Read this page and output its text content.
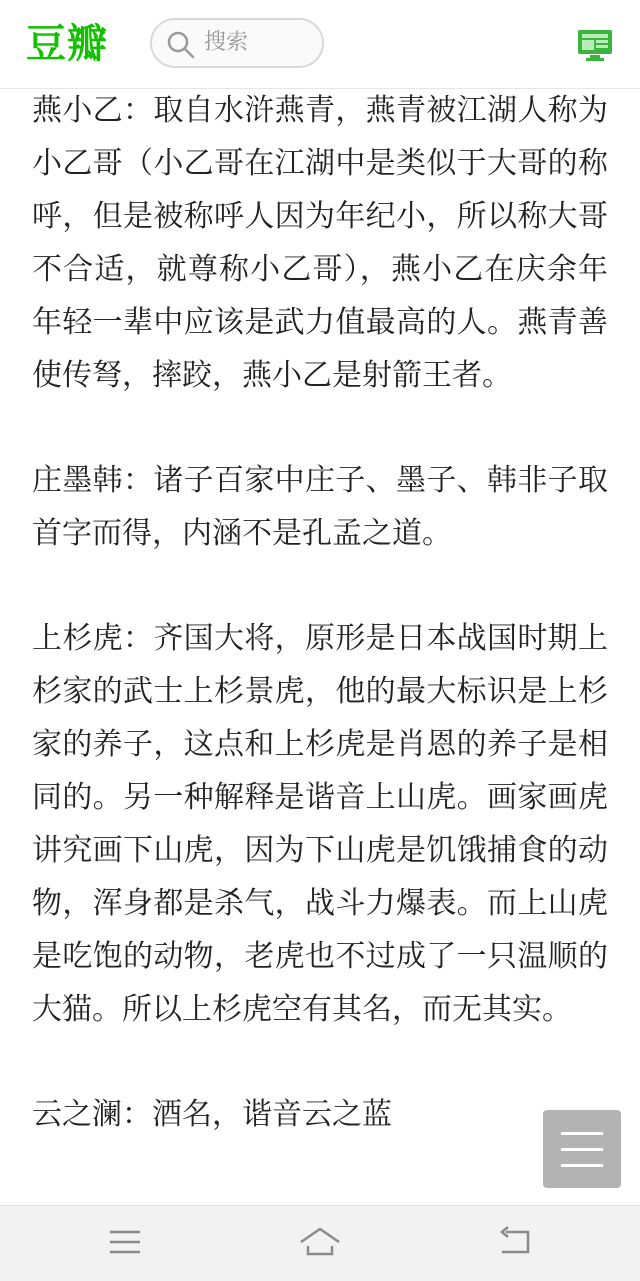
豆瓣	搜索

燕小乙：取自水浒燕青，燕青被江湖人称为小乙哥（小乙哥在江湖中是类似于大哥的称呼，但是被称呼人因为年纪小，所以称大哥不合适，就尊称小乙哥），燕小乙在庆余年年轻一辈中应该是武力值最高的人。燕青善使传弩，摔跤，燕小乙是射箭王者。

庄墨韩：诸子百家中庄子、墨子、韩非子取首字而得，内涵不是孔孟之道。

上杉虎：齐国大将，原形是日本战国时期上杉家的武士上杉景虎，他的最大标识是上杉家的养子，这点和上杉虎是肖恩的养子是相同的。另一种解释是谐音上山虎。画家画虎讲究画下山虎，因为下山虎是饥饿捕食的动物，浑身都是杀气，战斗力爆表。而上山虎是吃饱的动物，老虎也不过成了一只温顺的大猫。所以上杉虎空有其名，而无其实。

云之澜：酒名，谐音云之蓝
